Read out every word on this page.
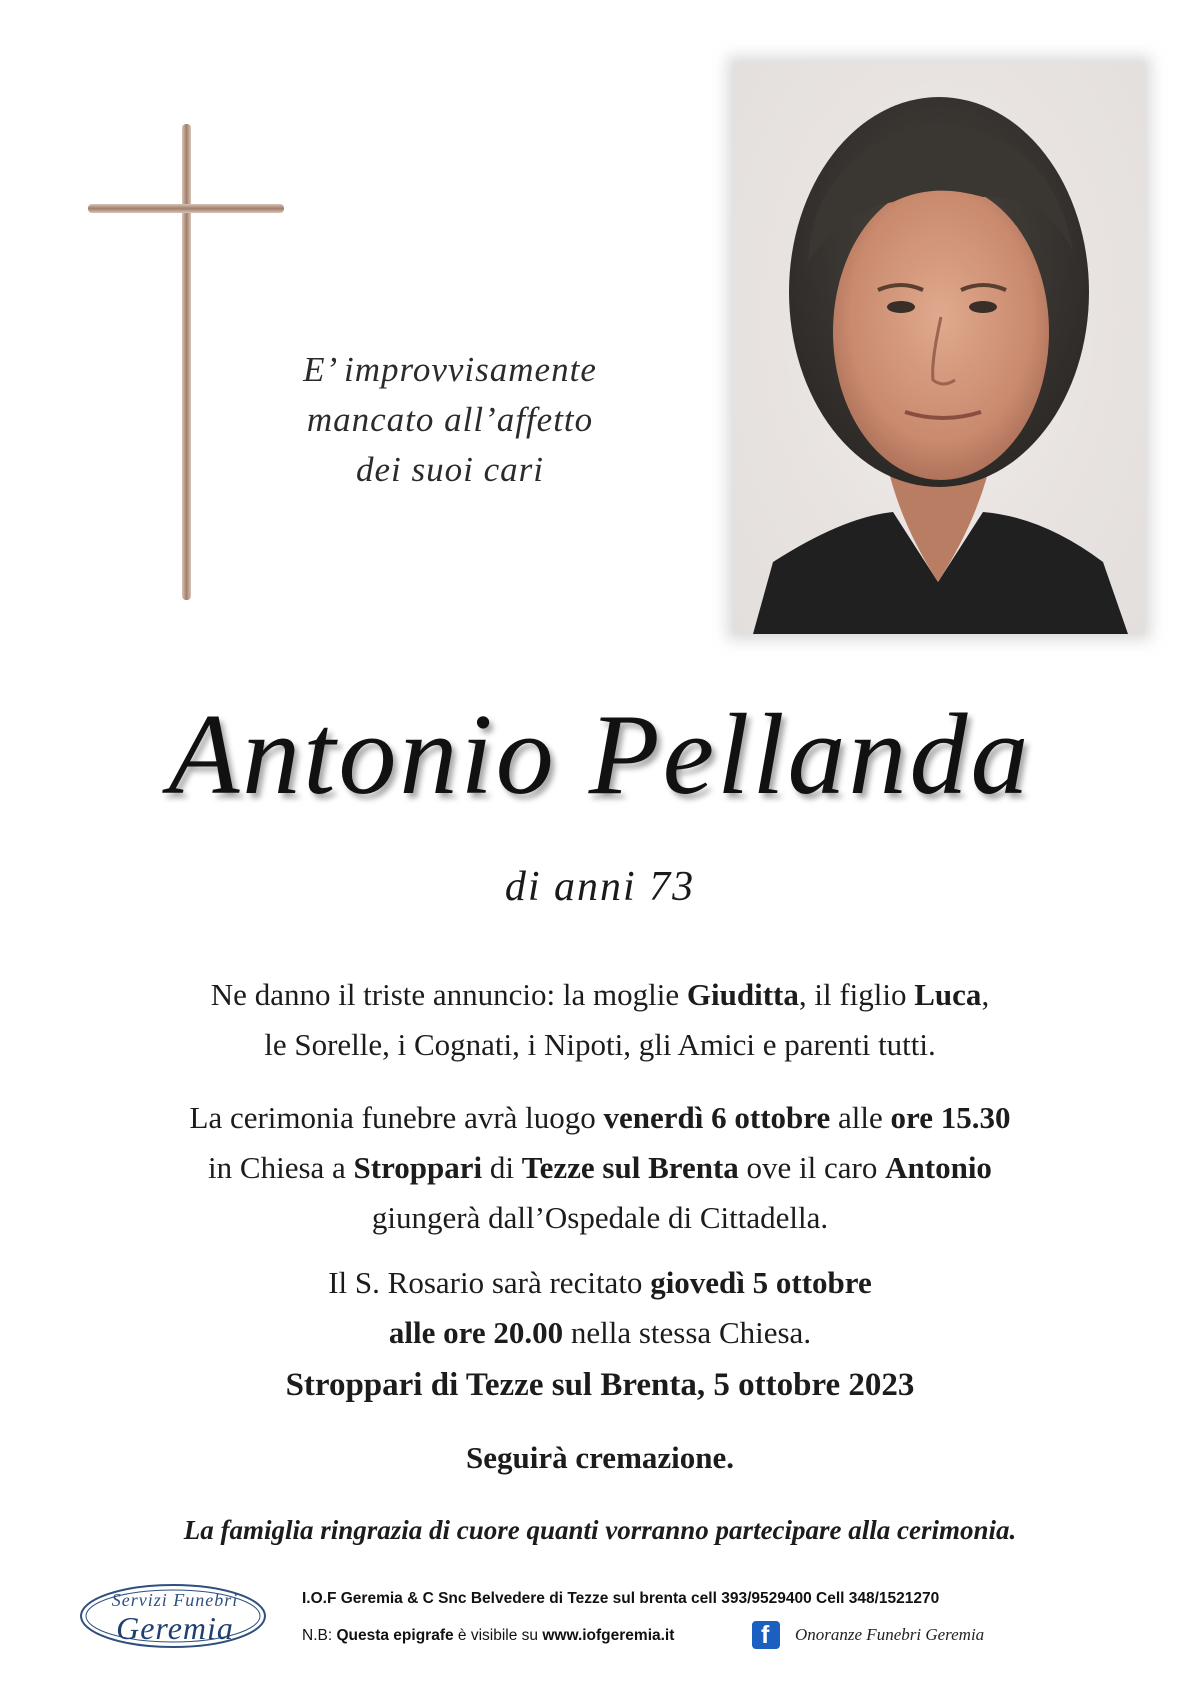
E’ improvvisamente
mancato all’affetto
dei suoi cari
Antonio Pellanda
di anni 73
Ne danno il triste annuncio: la moglie Giuditta, il figlio Luca,
le Sorelle, i Cognati, i Nipoti, gli Amici e parenti tutti.
La cerimonia funebre avrà luogo venerdì 6 ottobre alle ore 15.30
in Chiesa a Stroppari di Tezze sul Brenta ove il caro Antonio
giungerà dall’Ospedale di Cittadella.
Il S. Rosario sarà recitato giovedì 5 ottobre
alle ore 20.00 nella stessa Chiesa.
Stroppari di Tezze sul Brenta, 5 ottobre 2023
Seguirà cremazione.
La famiglia ringrazia di cuore quanti vorranno partecipare alla cerimonia.
Servizi Funebri
Geremia
I.O.F Geremia & C Snc Belvedere di Tezze sul brenta cell 393/9529400 Cell 348/1521270
N.B: Questa epigrafe è visibile su www.iofgeremia.it	f Onoranze Funebri Geremia
